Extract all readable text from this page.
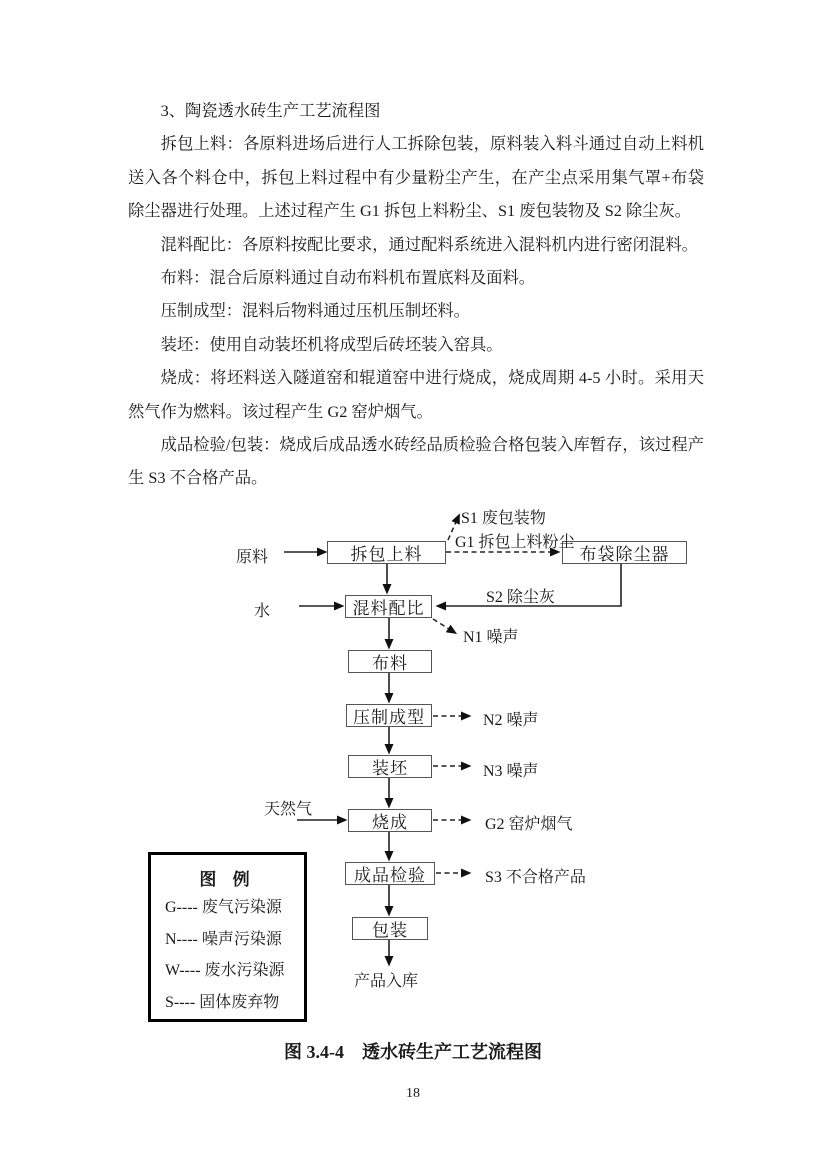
3、陶瓷透水砖生产工艺流程图

拆包上料：各原料进场后进行人工拆除包装，原料装入料斗通过自动上料机送入各个料仓中，拆包上料过程中有少量粉尘产生，在产尘点采用集气罩+布袋除尘器进行处理。上述过程产生 G1 拆包上料粉尘、S1 废包装物及 S2 除尘灰。

混料配比：各原料按配比要求，通过配料系统进入混料机内进行密闭混料。

布料：混合后原料通过自动布料机布置底料及面料。

压制成型：混料后物料通过压机压制坯料。

装坯：使用自动装坯机将成型后砖坯装入窑具。

烧成：将坯料送入隧道窑和辊道窑中进行烧成，烧成周期 4-5 小时。采用天然气作为燃料。该过程产生 G2 窑炉烟气。

成品检验/包装：烧成后成品透水砖经品质检验合格包装入库暂存，该过程产生 S3 不合格产品。

拆包上料	布袋除尘器
混料配比
布料
压制成型
装坯
烧成
成品检验
包装
原料
水
天然气
产品入库
S1 废包装物
G1 拆包上料粉尘
S2 除尘灰
N1 噪声
N2 噪声
N3 噪声
G2 窑炉烟气
S3 不合格产品
图 例
G---- 废气污染源
N---- 噪声污染源
W---- 废水污染源
S---- 固体废弃物
图 3.4-4　透水砖生产工艺流程图
18
